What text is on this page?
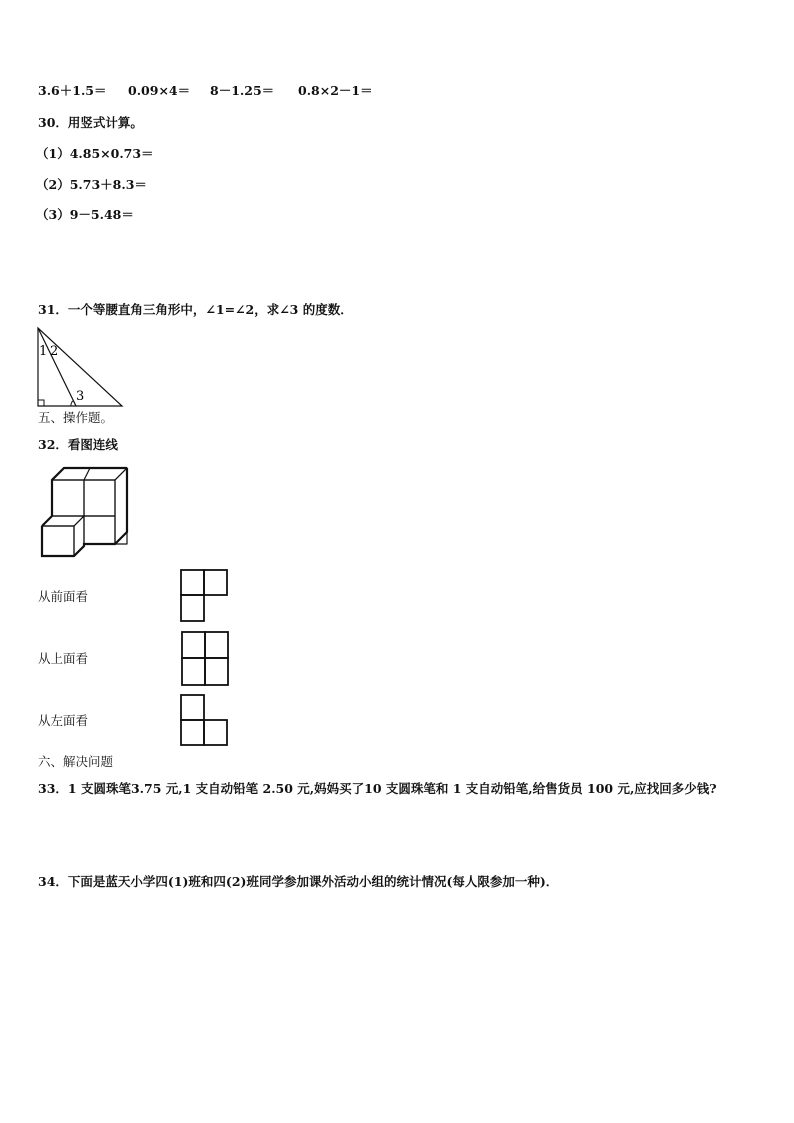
3.6＋1.5＝ 0.09×4＝ 8－1.25＝ 0.8×2－1＝
30．用竖式计算。
（1）4.85×0.73＝
（2）5.73＋8.3＝
（3）9－5.48＝
31．一个等腰直角三角形中，∠1=∠2，求∠3 的度数．
1 2
3
五、操作题。
32．看图连线
从前面看
从上面看
从左面看
六、解决问题
33．1 支圆珠笔3.75 元,1 支自动铅笔 2.50 元,妈妈买了10 支圆珠笔和 1 支自动铅笔,给售货员 100 元,应找回多少钱?
34．下面是蓝天小学四(1)班和四(2)班同学参加课外活动小组的统计情况(每人限参加一种)．
